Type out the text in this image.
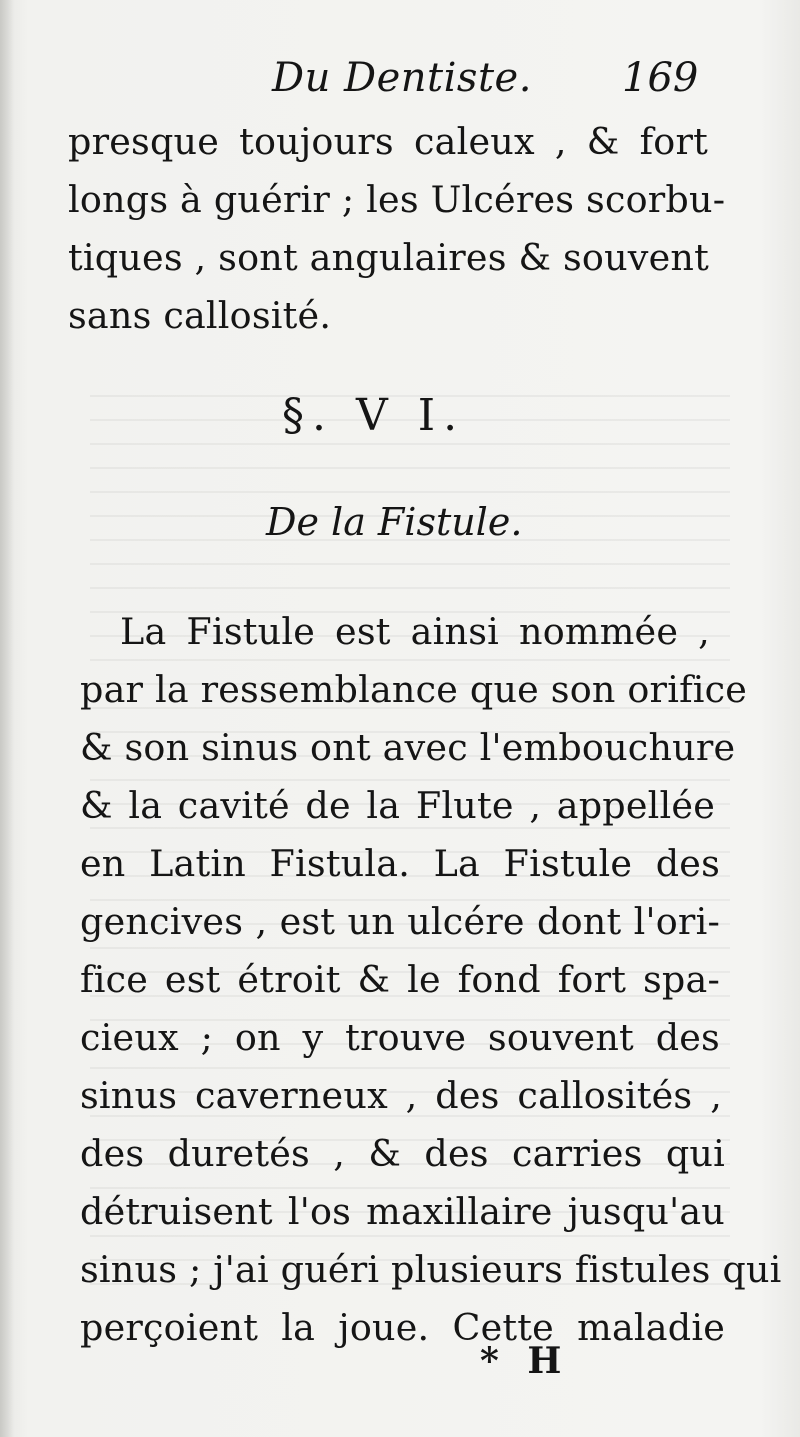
Du Dentiste. 169
presque toujours caleux , & fort
longs à guérir ; les Ulcéres scorbu-
tiques , sont angulaires & souvent
sans callosité.
§. V I.
De la Fistule.
La Fistule est ainsi nommée ,
par la ressemblance que son orifice
& son sinus ont avec l'embouchure
& la cavité de la Flute , appellée
en Latin Fistula. La Fistule des
gencives , est un ulcére dont l'ori-
fice est étroit & le fond fort spa-
cieux ; on y trouve souvent des
sinus caverneux , des callosités ,
des duretés , & des carries qui
détruisent l'os maxillaire jusqu'au
sinus ; j'ai guéri plusieurs fistules qui
perçoient la joue. Cette maladie
* H
